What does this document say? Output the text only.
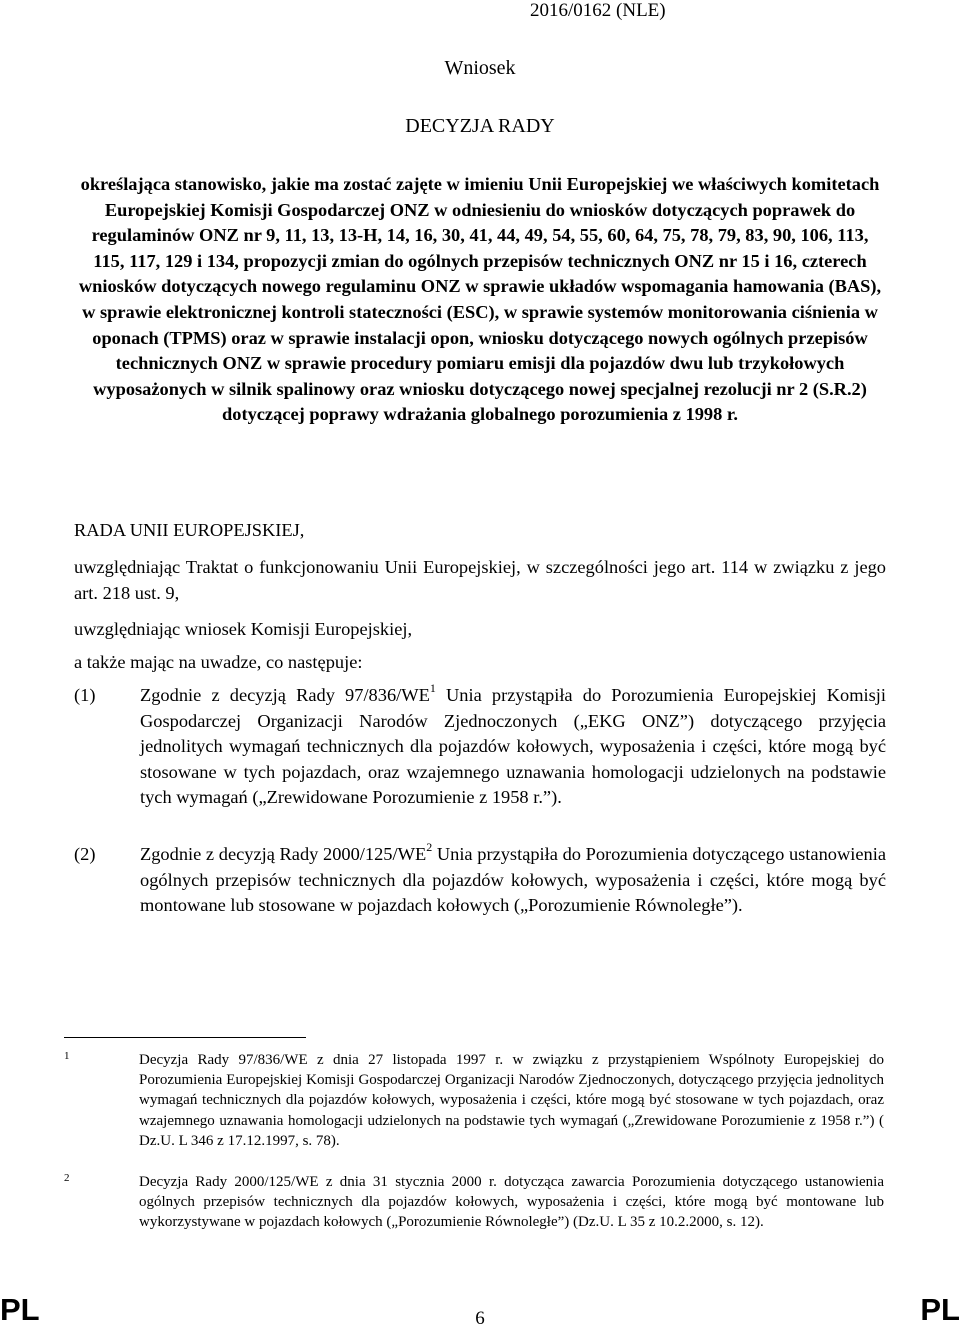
2016/0162 (NLE)
Wniosek
DECYZJA RADY
określająca stanowisko, jakie ma zostać zajęte w imieniu Unii Europejskiej we właściwych komitetach Europejskiej Komisji Gospodarczej ONZ w odniesieniu do wniosków dotyczących poprawek do regulaminów ONZ nr 9, 11, 13, 13-H, 14, 16, 30, 41, 44, 49, 54, 55, 60, 64, 75, 78, 79, 83, 90, 106, 113, 115, 117, 129 i 134, propozycji zmian do ogólnych przepisów technicznych ONZ nr 15 i 16, czterech wniosków dotyczących nowego regulaminu ONZ w sprawie układów wspomagania hamowania (BAS), w sprawie elektronicznej kontroli stateczności (ESC), w sprawie systemów monitorowania ciśnienia w oponach (TPMS) oraz w sprawie instalacji opon, wniosku dotyczącego nowych ogólnych przepisów technicznych ONZ w sprawie procedury pomiaru emisji dla pojazdów dwu lub trzykołowych wyposażonych w silnik spalinowy oraz wniosku dotyczącego nowej specjalnej rezolucji nr 2 (S.R.2) dotyczącej poprawy wdrażania globalnego porozumienia z 1998 r.
RADA UNII EUROPEJSKIEJ,
uwzględniając Traktat o funkcjonowaniu Unii Europejskiej, w szczególności jego art. 114 w związku z jego art. 218 ust. 9,
uwzględniając wniosek Komisji Europejskiej,
a także mając na uwadze, co następuje:
(1)	Zgodnie z decyzją Rady $97/836/WE^1$ Unia przystąpiła do Porozumienia Europejskiej Komisji Gospodarczej Organizacji Narodów Zjednoczonych („EKG ONZ”) dotyczącego przyjęcia jednolitych wymagań technicznych dla pojazdów kołowych, wyposażenia i części, które mogą być stosowane w tych pojazdach, oraz wzajemnego uznawania homologacji udzielonych na podstawie tych wymagań („Zrewidowane Porozumienie z 1958 r.”).
(2)	Zgodnie z decyzją Rady $2000/125/WE^2$ Unia przystąpiła do Porozumienia dotyczącego ustanowienia ogólnych przepisów technicznych dla pojazdów kołowych, wyposażenia i części, które mogą być montowane lub stosowane w pojazdach kołowych („Porozumienie Równoległe”).
1	Decyzja Rady 97/836/WE z dnia 27 listopada 1997 r. w związku z przystąpieniem Wspólnoty Europejskiej do Porozumienia Europejskiej Komisji Gospodarczej Organizacji Narodów Zjednoczonych, dotyczącego przyjęcia jednolitych wymagań technicznych dla pojazdów kołowych, wyposażenia i części, które mogą być stosowane w tych pojazdach, oraz wzajemnego uznawania homologacji udzielonych na podstawie tych wymagań („Zrewidowane Porozumienie z 1958 r.”) ( Dz.U. L 346 z 17.12.1997, s. 78).
2	Decyzja Rady 2000/125/WE z dnia 31 stycznia 2000 r. dotycząca zawarcia Porozumienia dotyczącego ustanowienia ogólnych przepisów technicznych dla pojazdów kołowych, wyposażenia i części, które mogą być montowane lub wykorzystywane w pojazdach kołowych („Porozumienie Równoległe”) (Dz.U. L 35 z 10.2.2000, s. 12).
PL	6	PL
